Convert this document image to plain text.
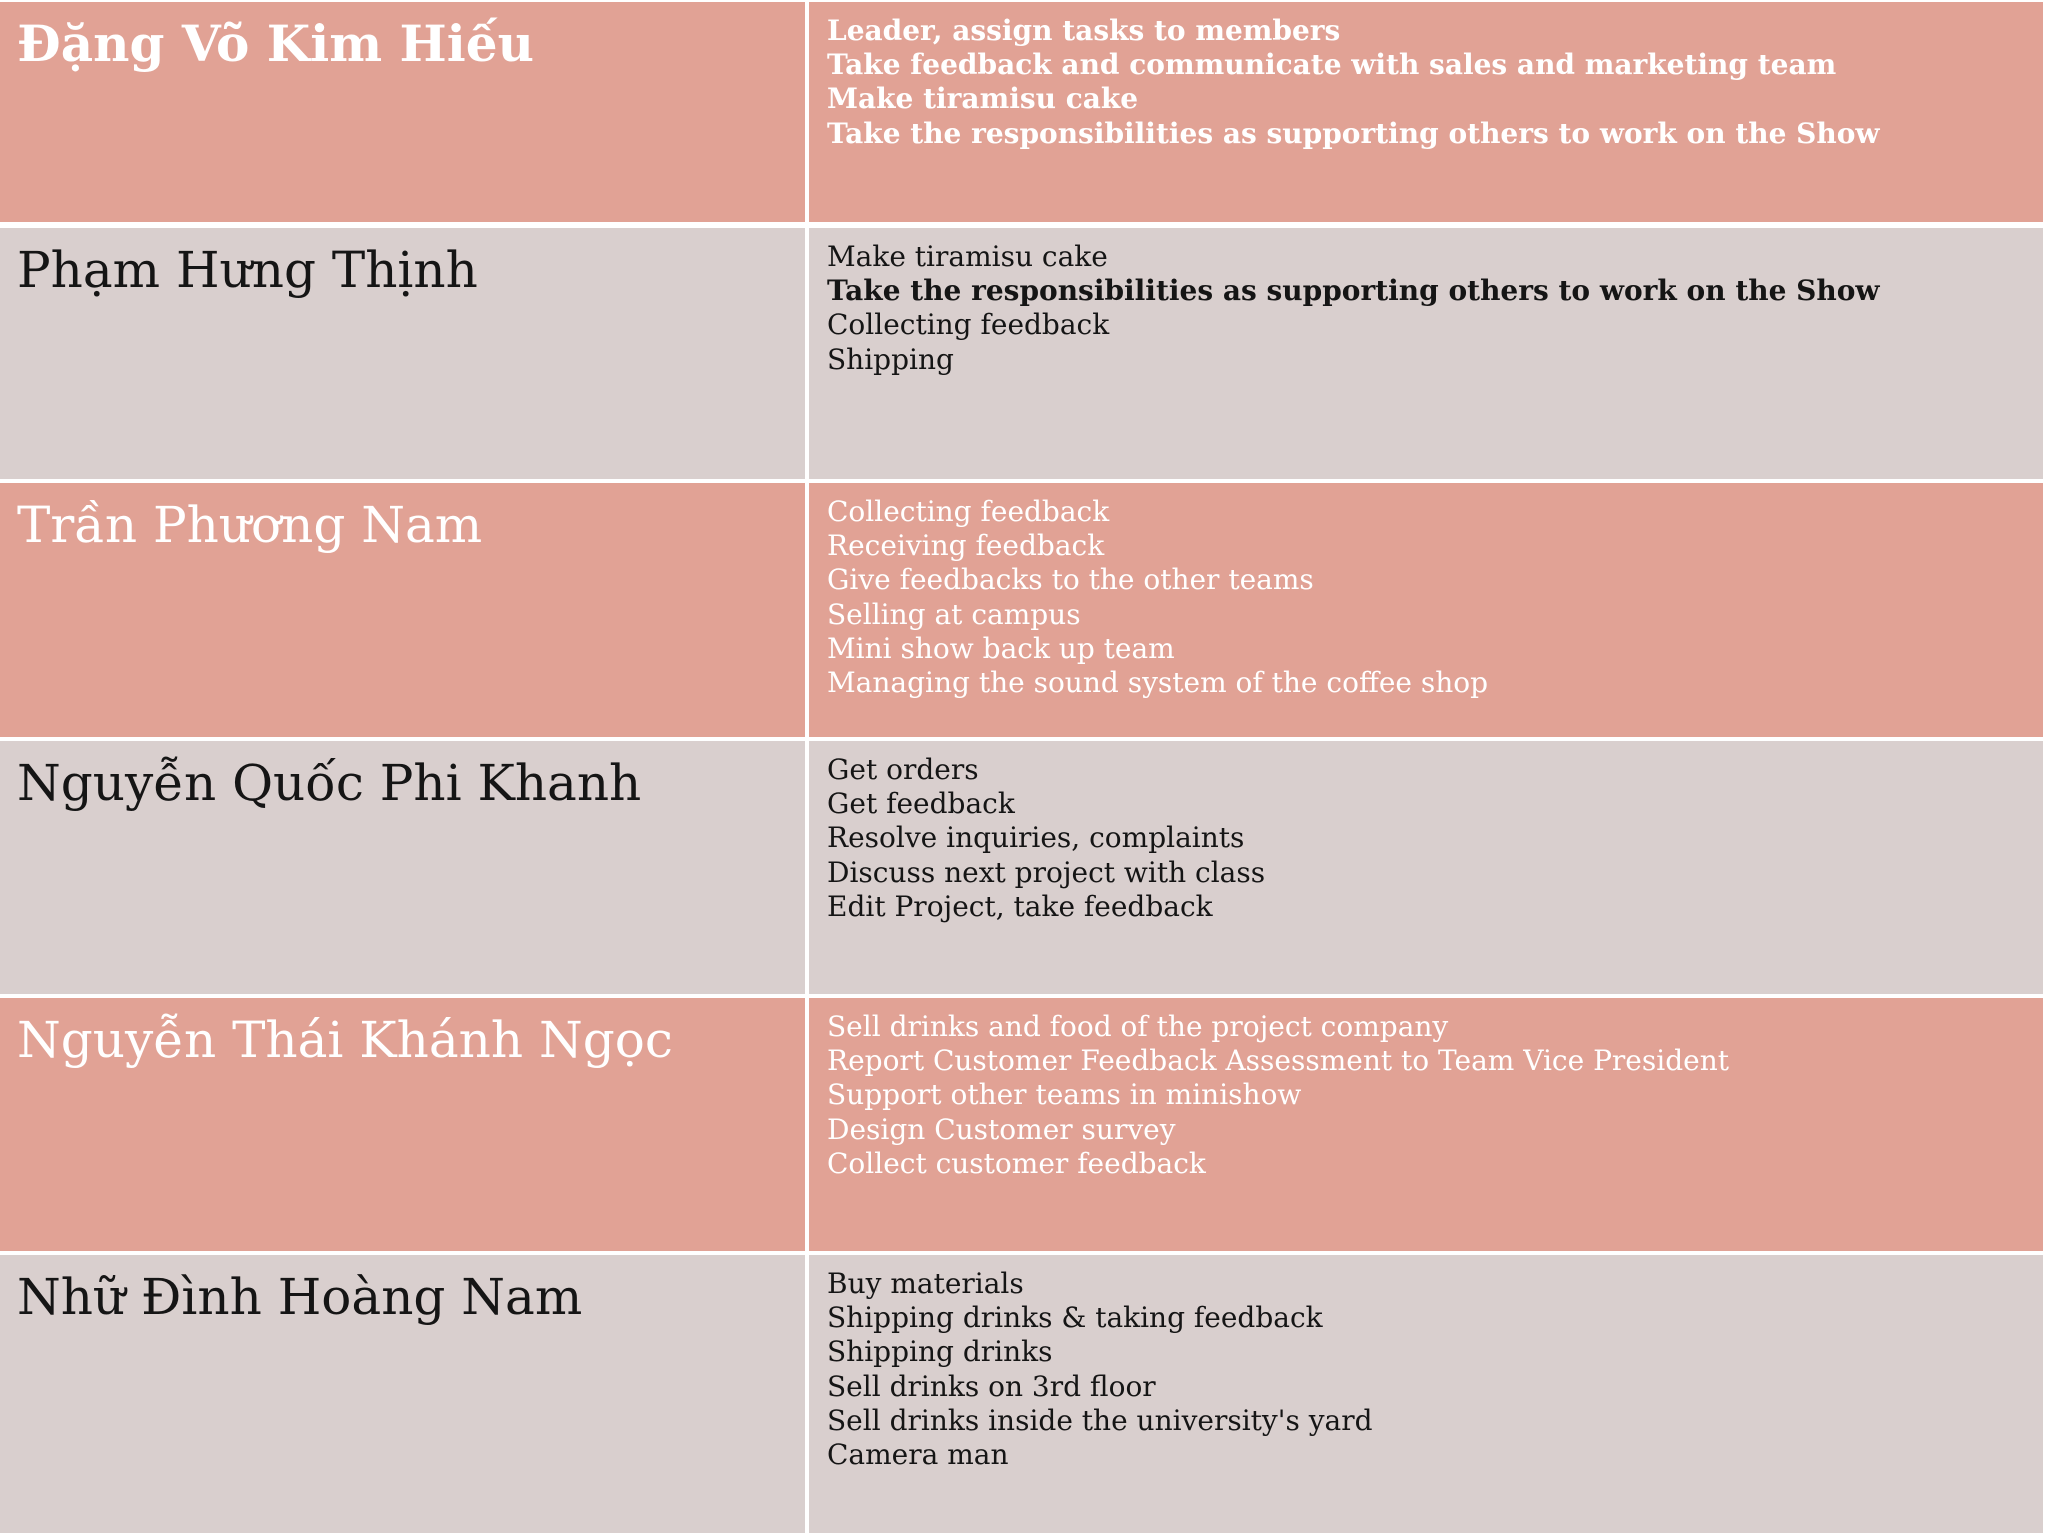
Đặng Võ Kim Hiếu	Leader, assign tasks to members
Take feedback and communicate with sales and marketing team
Make tiramisu cake
Take the responsibilities as supporting others to work on the Show
Phạm Hưng Thịnh	Make tiramisu cake
Take the responsibilities as supporting others to work on the Show
Collecting feedback
Shipping
Trần Phương Nam	Collecting feedback
Receiving feedback
Give feedbacks to the other teams
Selling at campus
Mini show back up team
Managing the sound system of the coffee shop
Nguyễn Quốc Phi Khanh	Get orders
Get feedback
Resolve inquiries, complaints
Discuss next project with class
Edit Project, take feedback
Nguyễn Thái Khánh Ngọc	Sell drinks and food of the project company
Report Customer Feedback Assessment to Team Vice President
Support other teams in minishow
Design Customer survey
Collect customer feedback
Nhữ Đình Hoàng Nam	Buy materials
Shipping drinks & taking feedback
Shipping drinks
Sell drinks on 3rd floor
Sell drinks inside the university's yard
Camera man
